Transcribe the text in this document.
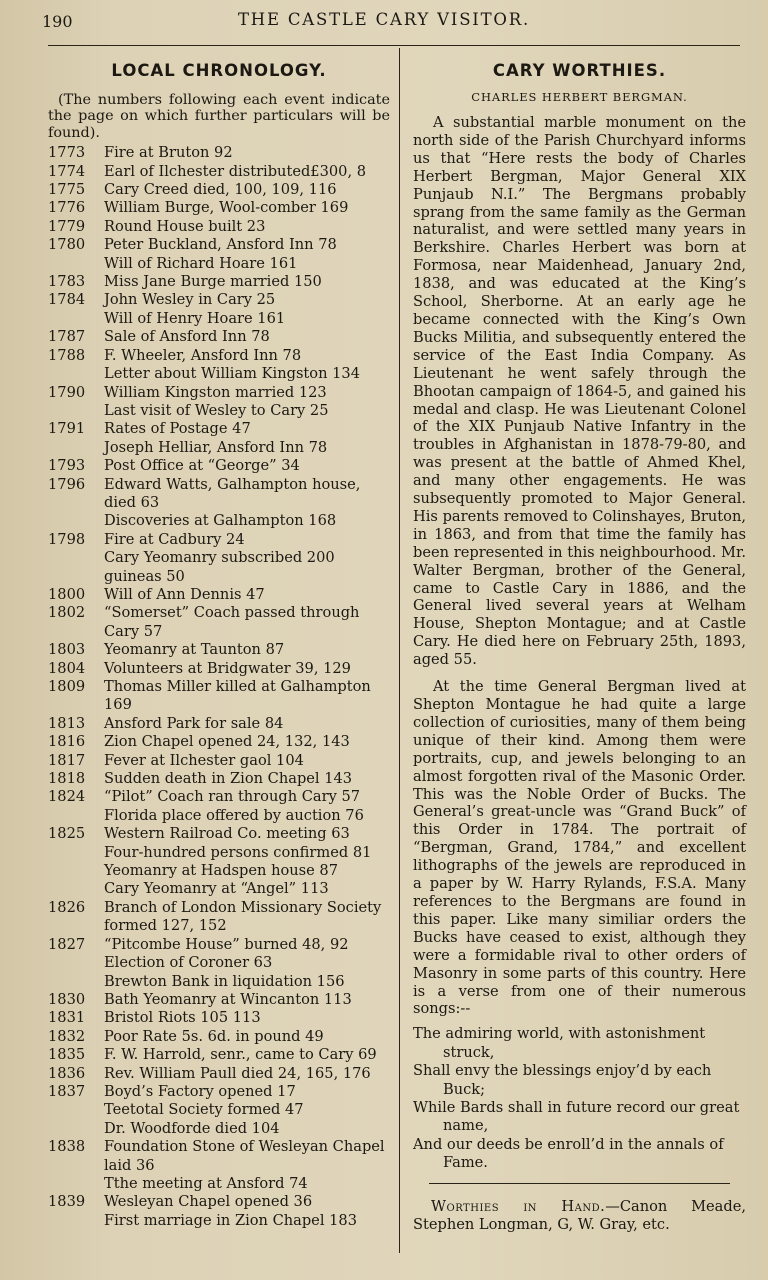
190	THE CASTLE CARY VISITOR.
LOCAL CHRONOLOGY.

(The numbers following each event indicate the page on which further particulars will be found).

1773	Fire at Bruton 92
1774	Earl of Ilchester distributed£300, 8
1775	Cary Creed died, 100, 109, 116
1776	William Burge, Wool-comber 169
1779	Round House built 23
1780	Peter Buckland, Ansford Inn 78
Will of Richard Hoare 161
1783	Miss Jane Burge married 150
1784	John Wesley in Cary 25
Will of Henry Hoare 161
1787	Sale of Ansford Inn 78
1788	F. Wheeler, Ansford Inn 78
Letter about William Kingston 134
1790	William Kingston married 123
Last visit of Wesley to Cary 25
1791	Rates of Postage 47
Joseph Helliar, Ansford Inn 78
1793	Post Office at “George” 34
1796	Edward Watts, Galhampton house, died 63
Discoveries at Galhampton 168
1798	Fire at Cadbury 24
Cary Yeomanry subscribed 200 guineas 50
1800	Will of Ann Dennis 47
1802	“Somerset” Coach passed through Cary 57
1803	Yeomanry at Taunton 87
1804	Volunteers at Bridgwater 39, 129
1809	Thomas Miller killed at Galhampton 169
1813	Ansford Park for sale 84
1816	Zion Chapel opened 24, 132, 143
1817	Fever at Ilchester gaol 104
1818	Sudden death in Zion Chapel 143
1824	“Pilot” Coach ran through Cary 57
Florida place offered by auction 76
1825	Western Railroad Co. meeting 63
Four-hundred persons confirmed 81
Yeomanry at Hadspen house 87
Cary Yeomanry at “Angel” 113
1826	Branch of London Missionary Society formed 127, 152
1827	“Pitcombe House” burned 48, 92
Election of Coroner 63
Brewton Bank in liquidation 156
1830	Bath Yeomanry at Wincanton 113
1831	Bristol Riots 105 113
1832	Poor Rate 5s. 6d. in pound 49
1835	F. W. Harrold, senr., came to Cary 69
1836	Rev. William Paull died 24, 165, 176
1837	Boyd’s Factory opened 17
Teetotal Society formed 47
Dr. Woodforde died 104
1838	Foundation Stone of Wesleyan Chapel laid 36
Tthe meeting at Ansford 74
1839	Wesleyan Chapel opened 36
First marriage in Zion Chapel 183
CARY WORTHIES.
CHARLES HERBERT BERGMAN.

A substantial marble monument on the north side of the Parish Churchyard informs us that “Here rests the body of Charles Herbert Bergman, Major General XIX Punjaub N.I.” The Bergmans probably sprang from the same family as the German naturalist, and were settled many years in Berkshire. Charles Herbert was born at Formosa, near Maidenhead, January 2nd, 1838, and was educated at the King’s School, Sherborne. At an early age he became connected with the King’s Own Bucks Militia, and subsequently entered the service of the East India Company. As Lieutenant he went safely through the Bhootan campaign of 1864-5, and gained his medal and clasp. He was Lieutenant Colonel of the XIX Punjaub Native Infantry in the troubles in Afghanistan in 1878-79-80, and was present at the battle of Ahmed Khel, and many other engagements. He was subsequently promoted to Major General. His parents removed to Colinshayes, Bruton, in 1863, and from that time the family has been represented in this neighbourhood. Mr. Walter Bergman, brother of the General, came to Castle Cary in 1886, and the General lived several years at Welham House, Shepton Montague; and at Castle Cary. He died here on February 25th, 1893, aged 55.

At the time General Bergman lived at Shepton Montague he had quite a large collection of curiosities, many of them being unique of their kind. Among them were portraits, cup, and jewels belonging to an almost forgotten rival of the Masonic Order. This was the Noble Order of Bucks. The General’s great-uncle was “Grand Buck” of this Order in 1784. The portrait of “Bergman, Grand, 1784,” and excellent lithographs of the jewels are reproduced in a paper by W. Harry Rylands, F.S.A. Many references to the Bergmans are found in this paper. Like many similiar orders the Bucks have ceased to exist, although they were a formidable rival to other orders of Masonry in some parts of this country. Here is a verse from one of their numerous songs:--

The admiring world, with astonishment struck,
Shall envy the blessings enjoy’d by each Buck;
While Bards shall in future record our great name,
And our deeds be enroll’d in the annals of Fame.

Worthies in Hand.—Canon Meade, Stephen Longman, G, W. Gray, etc.
